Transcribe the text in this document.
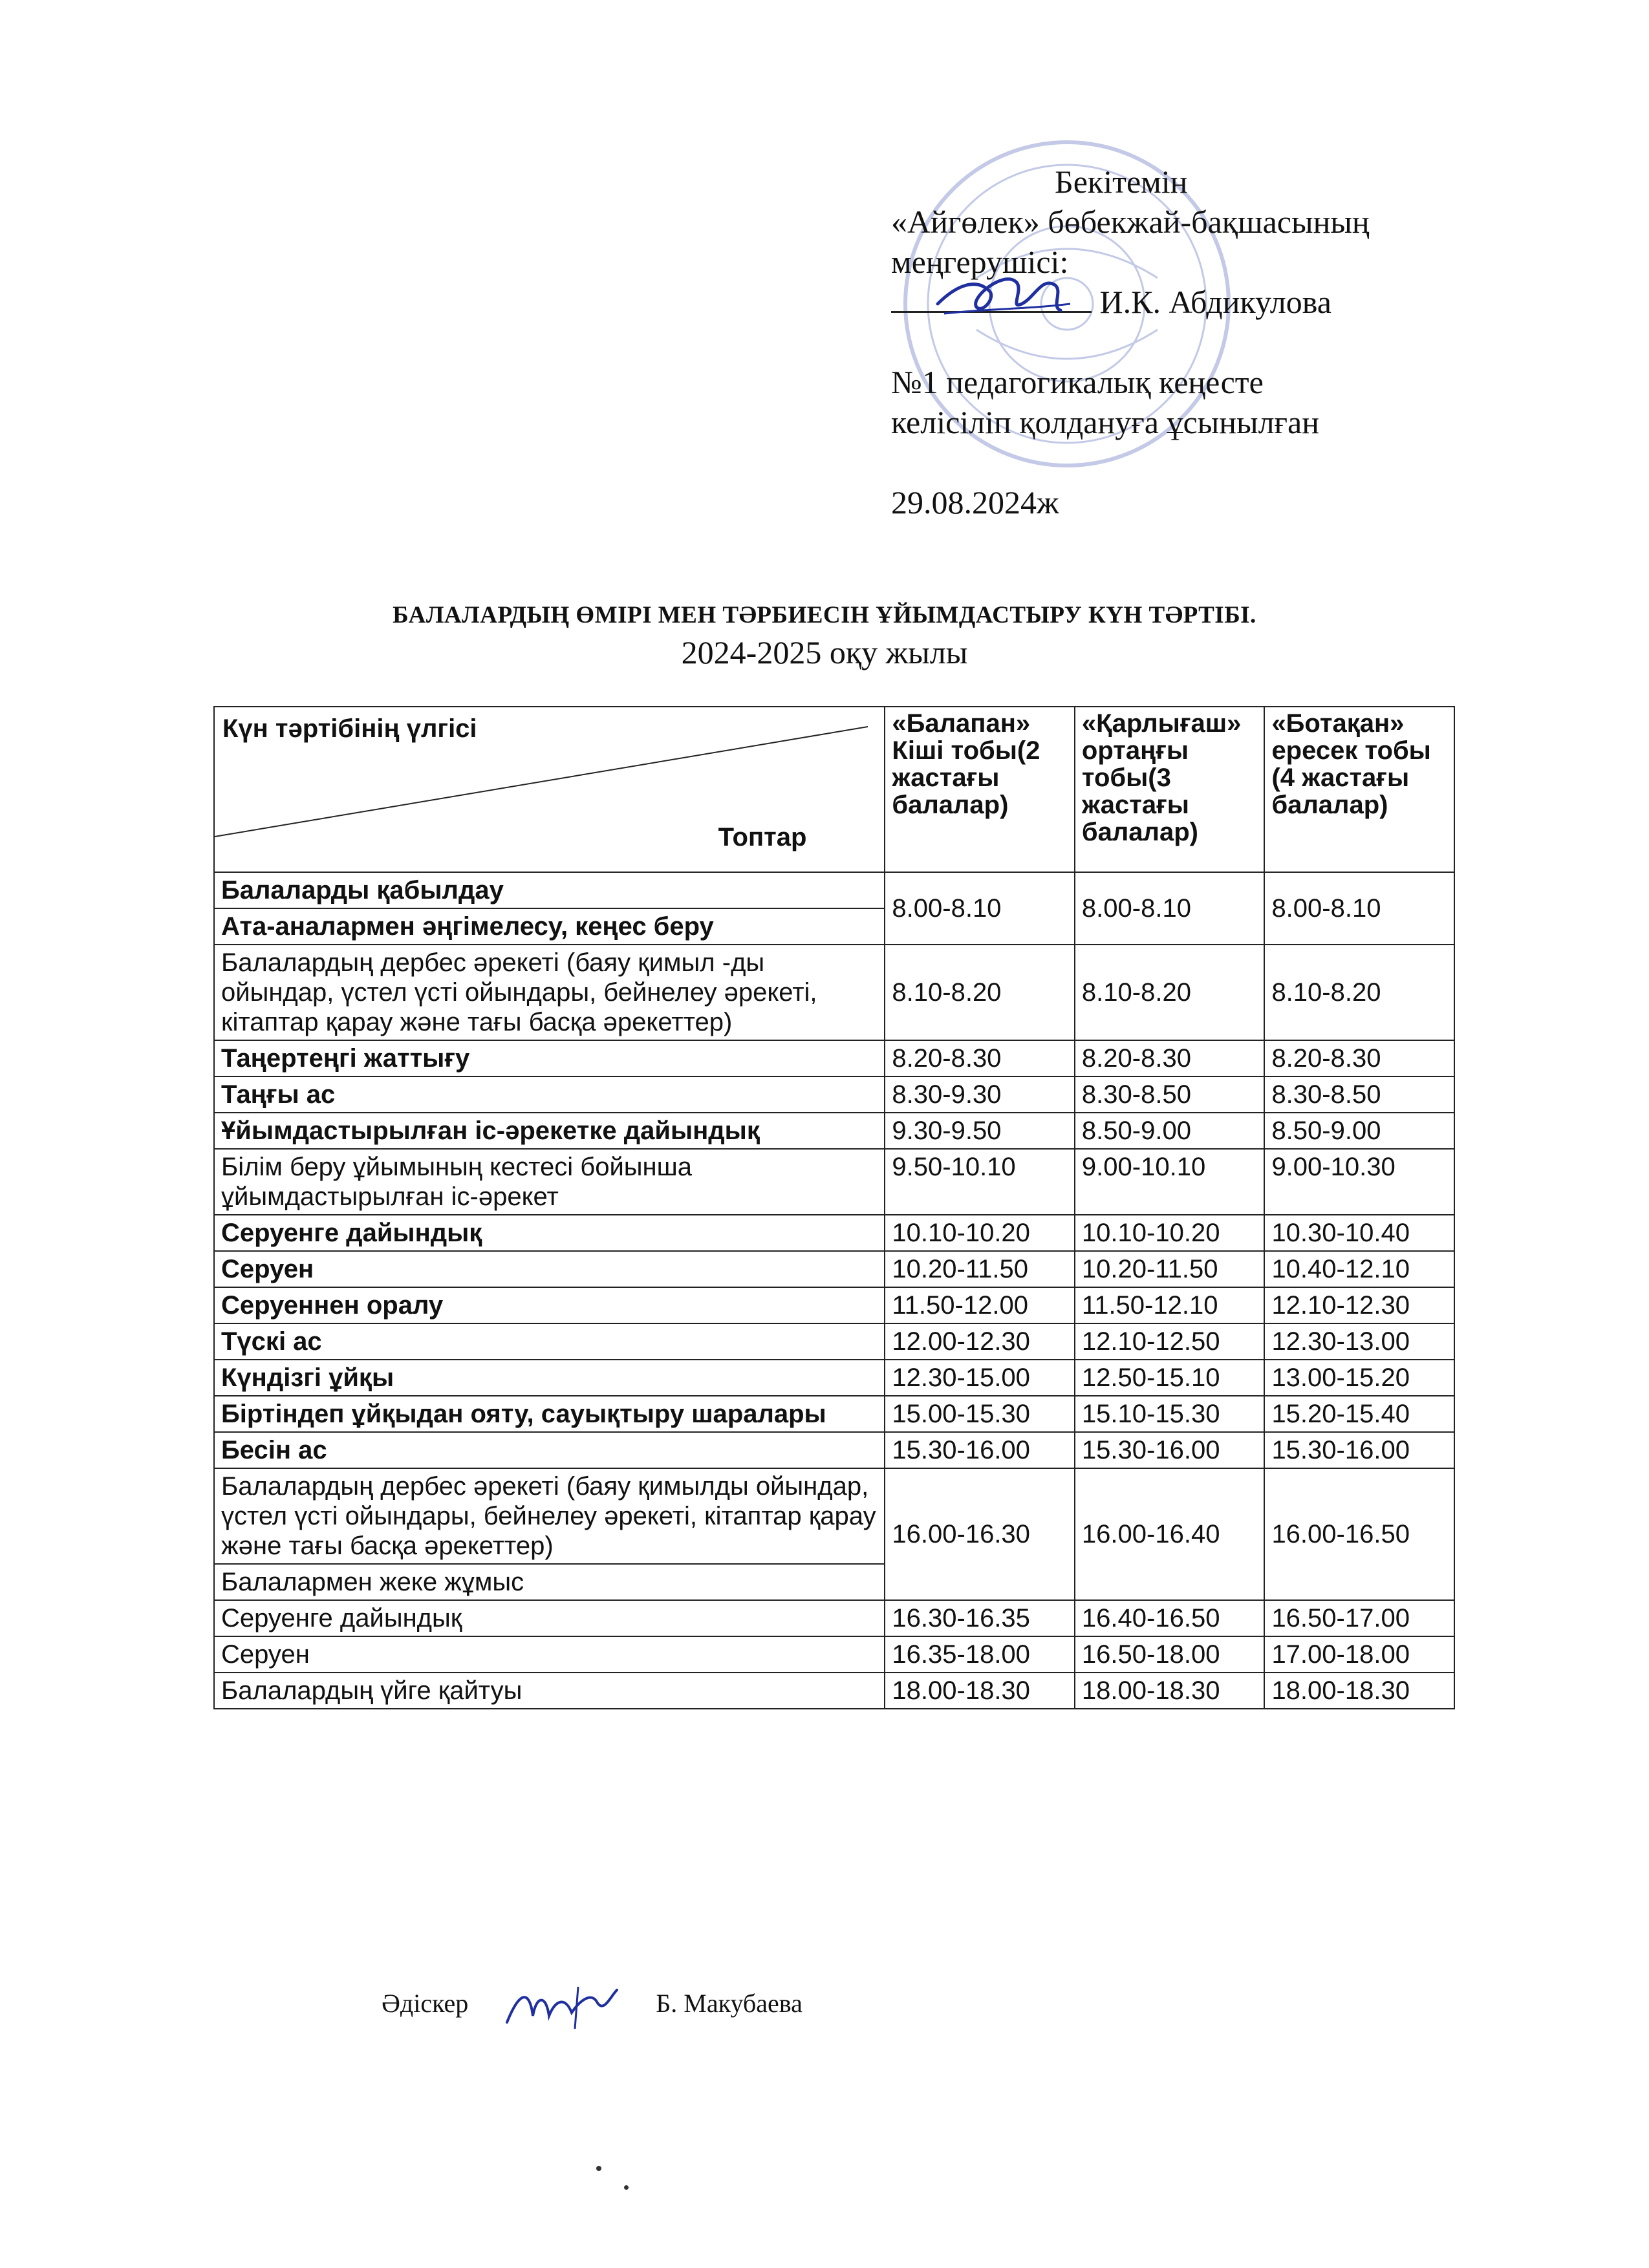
Бекітемін
«Айгөлек» бөбекжай-бақшасының
меңгерушісі:
И.К. Абдикулова
№1 педагогикалық кеңесте
келісіліп қолдануға ұсынылған
29.08.2024ж
БАЛАЛАРДЫҢ ӨМІРІ МЕН ТӘРБИЕСІН ҰЙЫМДАСТЫРУ КҮН ТӘРТІБІ.
2024-2025 оқу жылы
Күн тәртібінің үлгісі
Топтар	«Балапан» Кіші тобы(2 жастағы балалар)	«Қарлығаш» ортаңғы тобы(3 жастағы балалар)	«Ботақан» ересек тобы (4 жастағы балалар)
Балаларды қабылдау	8.00-8.10	8.00-8.10	8.00-8.10
Ата-аналармен әңгімелесу, кеңес беру			
Балалардың дербес әрекеті (баяу қимыл -ды ойындар, үстел үсті ойындары, бейнелеу әрекеті, кітаптар қарау және тағы басқа әрекеттер)	8.10-8.20	8.10-8.20	8.10-8.20
Таңертеңгі жаттығу	8.20-8.30	8.20-8.30	8.20-8.30
Таңғы ас	8.30-9.30	8.30-8.50	8.30-8.50
Ұйымдастырылған іс-әрекетке дайындық	9.30-9.50	8.50-9.00	8.50-9.00
Білім беру ұйымының кестесі бойынша ұйымдастырылған іс-әрекет	9.50-10.10	9.00-10.10	9.00-10.30
Серуенге дайындық	10.10-10.20	10.10-10.20	10.30-10.40
Серуен	10.20-11.50	10.20-11.50	10.40-12.10
Серуеннен оралу	11.50-12.00	11.50-12.10	12.10-12.30
Түскі ас	12.00-12.30	12.10-12.50	12.30-13.00
Күндізгі ұйқы	12.30-15.00	12.50-15.10	13.00-15.20
Біртіндеп ұйқыдан ояту, сауықтыру шаралары	15.00-15.30	15.10-15.30	15.20-15.40
Бесін ас	15.30-16.00	15.30-16.00	15.30-16.00
Балалардың дербес әрекеті (баяу қимылды ойындар, үстел үсті ойындары, бейнелеу әрекеті, кітаптар қарау және тағы басқа әрекеттер)	16.00-16.30	16.00-16.40	16.00-16.50
Балалармен жеке жұмыс			
Серуенге дайындық	16.30-16.35	16.40-16.50	16.50-17.00
Серуен	16.35-18.00	16.50-18.00	17.00-18.00
Балалардың үйге қайтуы	18.00-18.30	18.00-18.30	18.00-18.30
Әдіскер	Б. Макубаева
